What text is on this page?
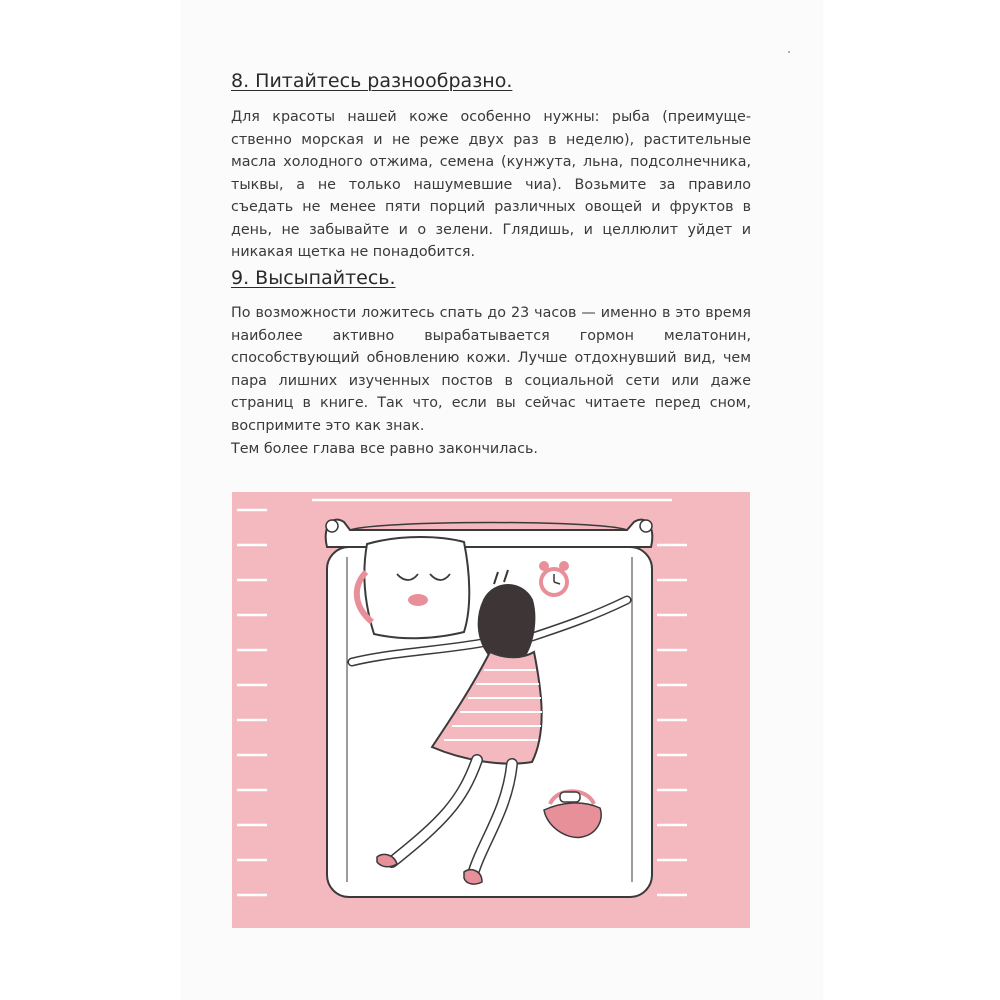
8. Питайтесь разнообразно.

Для красоты нашей коже особенно нужны: рыба (преимущественно морская и не реже двух раз в неделю), растительные масла холодного отжима, семена (кунжута, льна, подсолнечника, тыквы, а не только нашумевшие чиа). Возьмите за правило съедать не менее пяти порций различных овощей и фруктов в день, не забывайте и о зелени. Глядишь, и целлюлит уйдет и никакая щетка не понадобится.

9. Высыпайтесь.

По возможности ложитесь спать до 23 часов — именно в это время наиболее активно вырабатывается гормон мелатонин, способствующий обновлению кожи. Лучше отдохнувший вид, чем пара лишних изученных постов в социальной сети или даже страниц в книге. Так что, если вы сейчас читаете перед сном, воспримите это как знак.

Тем более глава все равно закончилась.
